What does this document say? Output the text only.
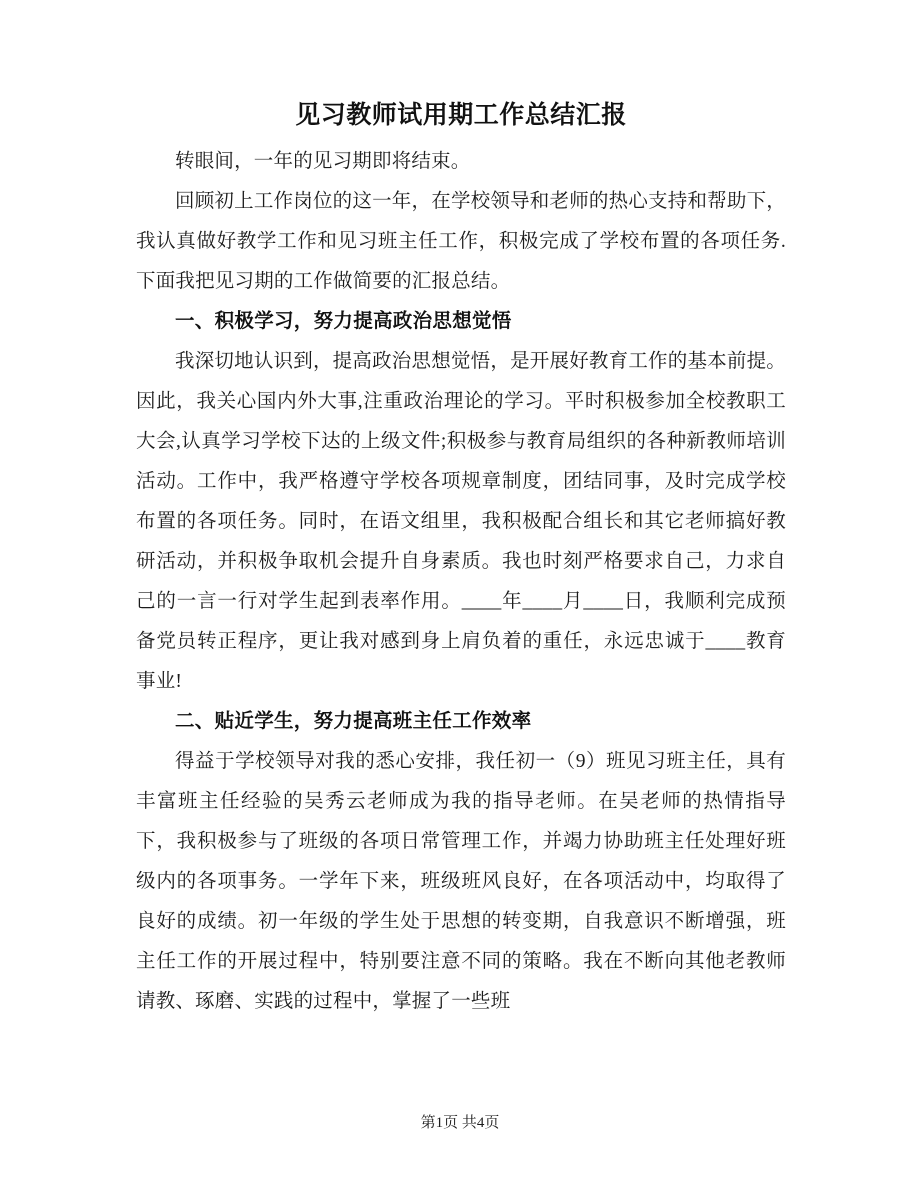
见习教师试用期工作总结汇报

转眼间，一年的见习期即将结束。

回顾初上工作岗位的这一年，在学校领导和老师的热心支持和帮助下，我认真做好教学工作和见习班主任工作，积极完成了学校布置的各项任务.下面我把见习期的工作做简要的汇报总结。

一、积极学习，努力提高政治思想觉悟

我深切地认识到，提高政治思想觉悟，是开展好教育工作的基本前提。因此，我关心国内外大事,注重政治理论的学习。平时积极参加全校教职工大会,认真学习学校下达的上级文件;积极参与教育局组织的各种新教师培训活动。工作中，我严格遵守学校各项规章制度，团结同事，及时完成学校布置的各项任务。同时，在语文组里，我积极配合组长和其它老师搞好教研活动，并积极争取机会提升自身素质。我也时刻严格要求自己，力求自己的一言一行对学生起到表率作用。____年____月____日，我顺利完成预备党员转正程序，更让我对感到身上肩负着的重任，永远忠诚于____教育事业!

二、贴近学生，努力提高班主任工作效率

得益于学校领导对我的悉心安排，我任初一（9）班见习班主任，具有丰富班主任经验的吴秀云老师成为我的指导老师。在吴老师的热情指导下，我积极参与了班级的各项日常管理工作，并竭力协助班主任处理好班级内的各项事务。一学年下来，班级班风良好，在各项活动中，均取得了良好的成绩。初一年级的学生处于思想的转变期，自我意识不断增强，班主任工作的开展过程中，特别要注意不同的策略。我在不断向其他老教师请教、琢磨、实践的过程中，掌握了一些班

第1页 共4页
